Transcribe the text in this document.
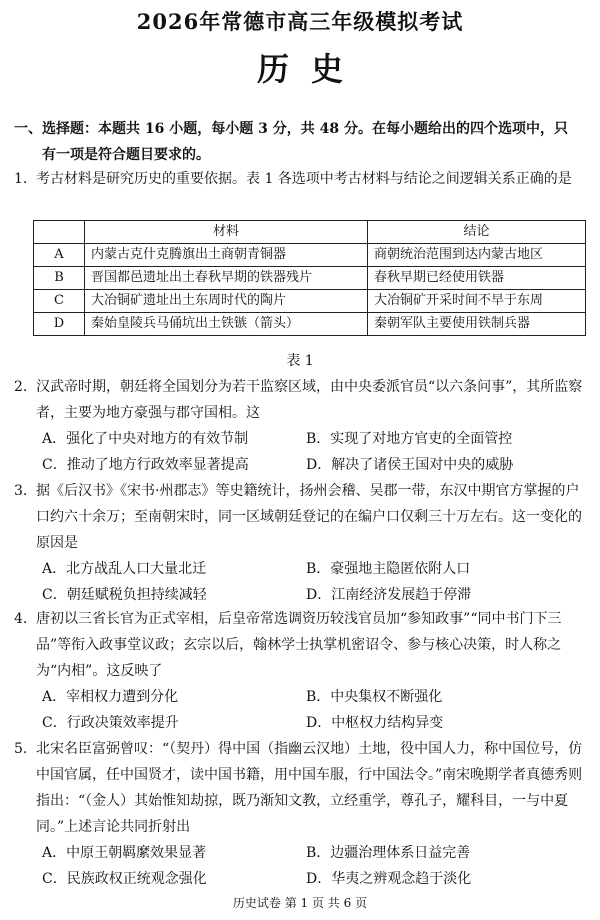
2026年常德市高三年级模拟考试
历史
一、选择题：本题共 16 小题，每小题 3 分，共 48 分。在每小题给出的四个选项中，只
有一项是符合题目要求的。
1. 考古材料是研究历史的重要依据。表 1 各选项中考古材料与结论之间逻辑关系正确的是
	材料	结论
A	内蒙古克什克腾旗出土商朝青铜器	商朝统治范围到达内蒙古地区
B	晋国都邑遗址出土春秋早期的铁器残片	春秋早期已经使用铁器
C	大冶铜矿遗址出土东周时代的陶片	大冶铜矿开采时间不早于东周
D	秦始皇陵兵马俑坑出土铁镞（箭头）	秦朝军队主要使用铁制兵器
表 1
2. 汉武帝时期，朝廷将全国划分为若干监察区域，由中央委派官员“以六条问事”，其所监察者，主要为地方豪强与郡守国相。这
A．强化了中央对地方的有效节制	B．实现了对地方官吏的全面管控
C．推动了地方行政效率显著提高	D．解决了诸侯王国对中央的威胁
3. 据《后汉书》《宋书·州郡志》等史籍统计，扬州会稽、吴郡一带，东汉中期官方掌握的户口约六十余万；至南朝宋时，同一区域朝廷登记的在编户口仅剩三十万左右。这一变化的原因是
A．北方战乱人口大量北迁	B．豪强地主隐匿依附人口
C．朝廷赋税负担持续减轻	D．江南经济发展趋于停滞
4. 唐初以三省长官为正式宰相，后皇帝常选调资历较浅官员加“参知政事”“同中书门下三品”等衔入政事堂议政；玄宗以后，翰林学士执掌机密诏令、参与核心决策，时人称之为“内相”。这反映了
A．宰相权力遭到分化	B．中央集权不断强化
C．行政决策效率提升	D．中枢权力结构异变
5. 北宋名臣富弼曾叹：“（契丹）得中国（指幽云汉地）土地，役中国人力，称中国位号，仿中国官属，任中国贤才，读中国书籍，用中国车服，行中国法令。”南宋晚期学者真德秀则指出：“（金人）其始惟知劫掠，既乃渐知文教，立经重学，尊孔子，耀科目，一与中夏同。”上述言论共同折射出
A．中原王朝羁縻效果显著	B．边疆治理体系日益完善
C．民族政权正统观念强化	D．华夷之辨观念趋于淡化
历史试卷 第 1 页 共 6 页
